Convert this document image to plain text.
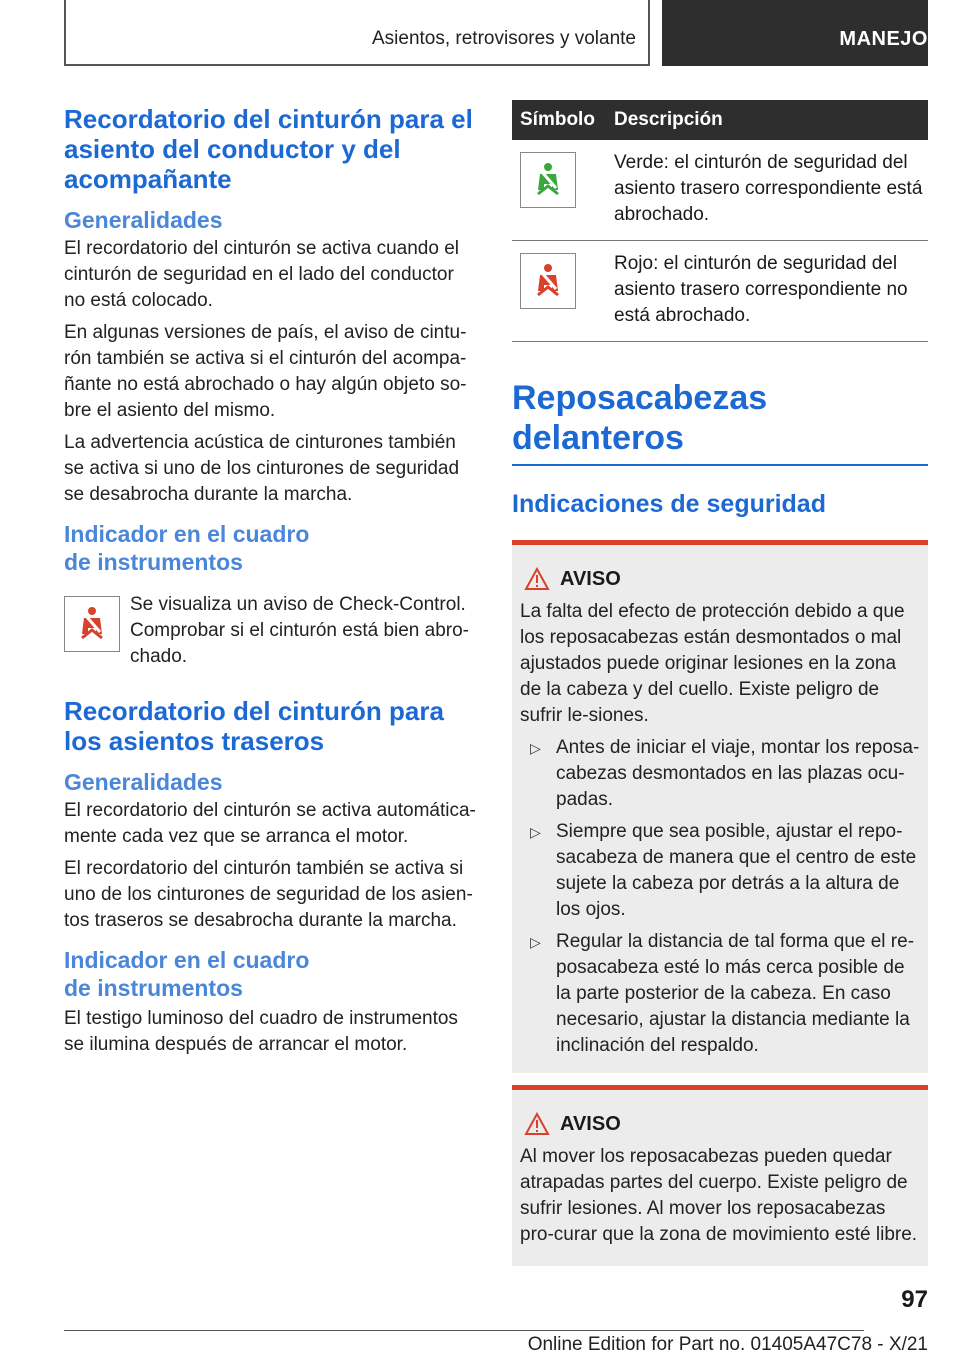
Asientos, retrovisores y volante	MANEJO
Recordatorio del cinturón para el asiento del conductor y del acompañante
Generalidades

El recordatorio del cinturón se activa cuando el cinturón de seguridad en el lado del conductor no está colocado.

En algunas versiones de país, el aviso de cintu-rón también se activa si el cinturón del acompa-ñante no está abrochado o hay algún objeto so-bre el asiento del mismo.

La advertencia acústica de cinturones también se activa si uno de los cinturones de seguridad se desabrocha durante la marcha.

Indicador en el cuadro
de instrumentos

Se visualiza un aviso de Check-Control. Comprobar si el cinturón está bien abro-chado.

Recordatorio del cinturón para los asientos traseros
Generalidades

El recordatorio del cinturón se activa automática-mente cada vez que se arranca el motor.

El recordatorio del cinturón también se activa si uno de los cinturones de seguridad de los asien-tos traseros se desabrocha durante la marcha.

Indicador en el cuadro
de instrumentos

El testigo luminoso del cuadro de instrumentos se ilumina después de arrancar el motor.

Símbolo	Descripción

	Verde: el cinturón de seguridad del asiento trasero correspondiente está abrochado.

	Rojo: el cinturón de seguridad del asiento trasero correspondiente no está abrochado.
Reposacabezas delanteros
Indicaciones de seguridad
AVISO

La falta del efecto de protección debido a que los reposacabezas están desmontados o mal ajustados puede originar lesiones en la zona de la cabeza y del cuello. Existe peligro de sufrir le-siones.

▷ Antes de iniciar el viaje, montar los reposa-cabezas desmontados en las plazas ocu-padas.

▷ Siempre que sea posible, ajustar el repo-sacabeza de manera que el centro de este sujete la cabeza por detrás a la altura de los ojos.

▷ Regular la distancia de tal forma que el re-posacabeza esté lo más cerca posible de la parte posterior de la cabeza. En caso necesario, ajustar la distancia mediante la inclinación del respaldo.

AVISO

Al mover los reposacabezas pueden quedar atrapadas partes del cuerpo. Existe peligro de sufrir lesiones. Al mover los reposacabezas pro-curar que la zona de movimiento esté libre.

97
Online Edition for Part no. 01405A47C78 - X/21
